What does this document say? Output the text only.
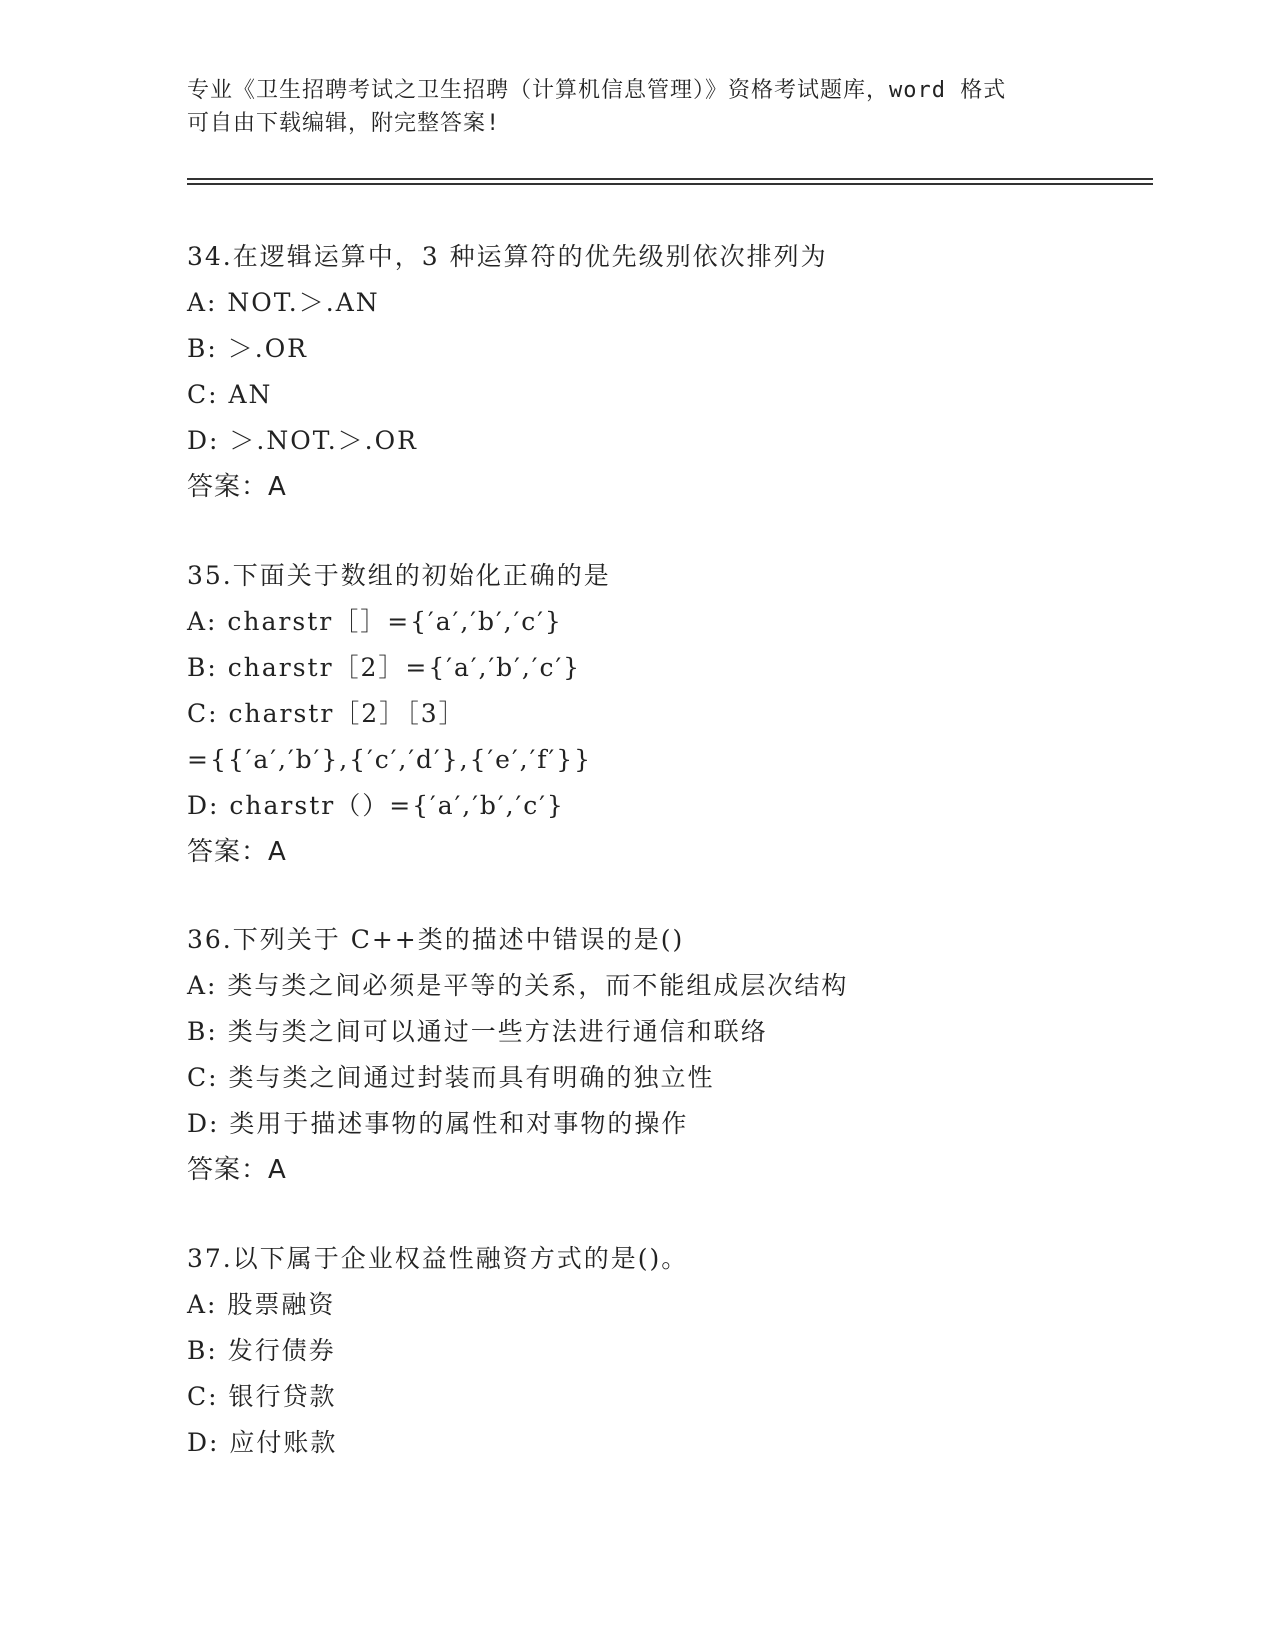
专业《卫生招聘考试之卫生招聘（计算机信息管理）》资格考试题库，word 格式
可自由下载编辑，附完整答案!
34.在逻辑运算中，3 种运算符的优先级别依次排列为
A: NOT.＞.AN
B: ＞.OR
C: AN
D: ＞.NOT.＞.OR
答案：A
35.下面关于数组的初始化正确的是
A: charstr［］={′a′,′b′,′c′}
B: charstr［2］={′a′,′b′,′c′}
C: charstr［2］［3］
={{′a′,′b′},{′c′,′d′},{′e′,′f′}}
D: charstr（）={′a′,′b′,′c′}
答案：A
36.下列关于 C++类的描述中错误的是()
A: 类与类之间必须是平等的关系，而不能组成层次结构
B: 类与类之间可以通过一些方法进行通信和联络
C: 类与类之间通过封装而具有明确的独立性
D: 类用于描述事物的属性和对事物的操作
答案：A
37.以下属于企业权益性融资方式的是()。
A: 股票融资
B: 发行债券
C: 银行贷款
D: 应付账款
